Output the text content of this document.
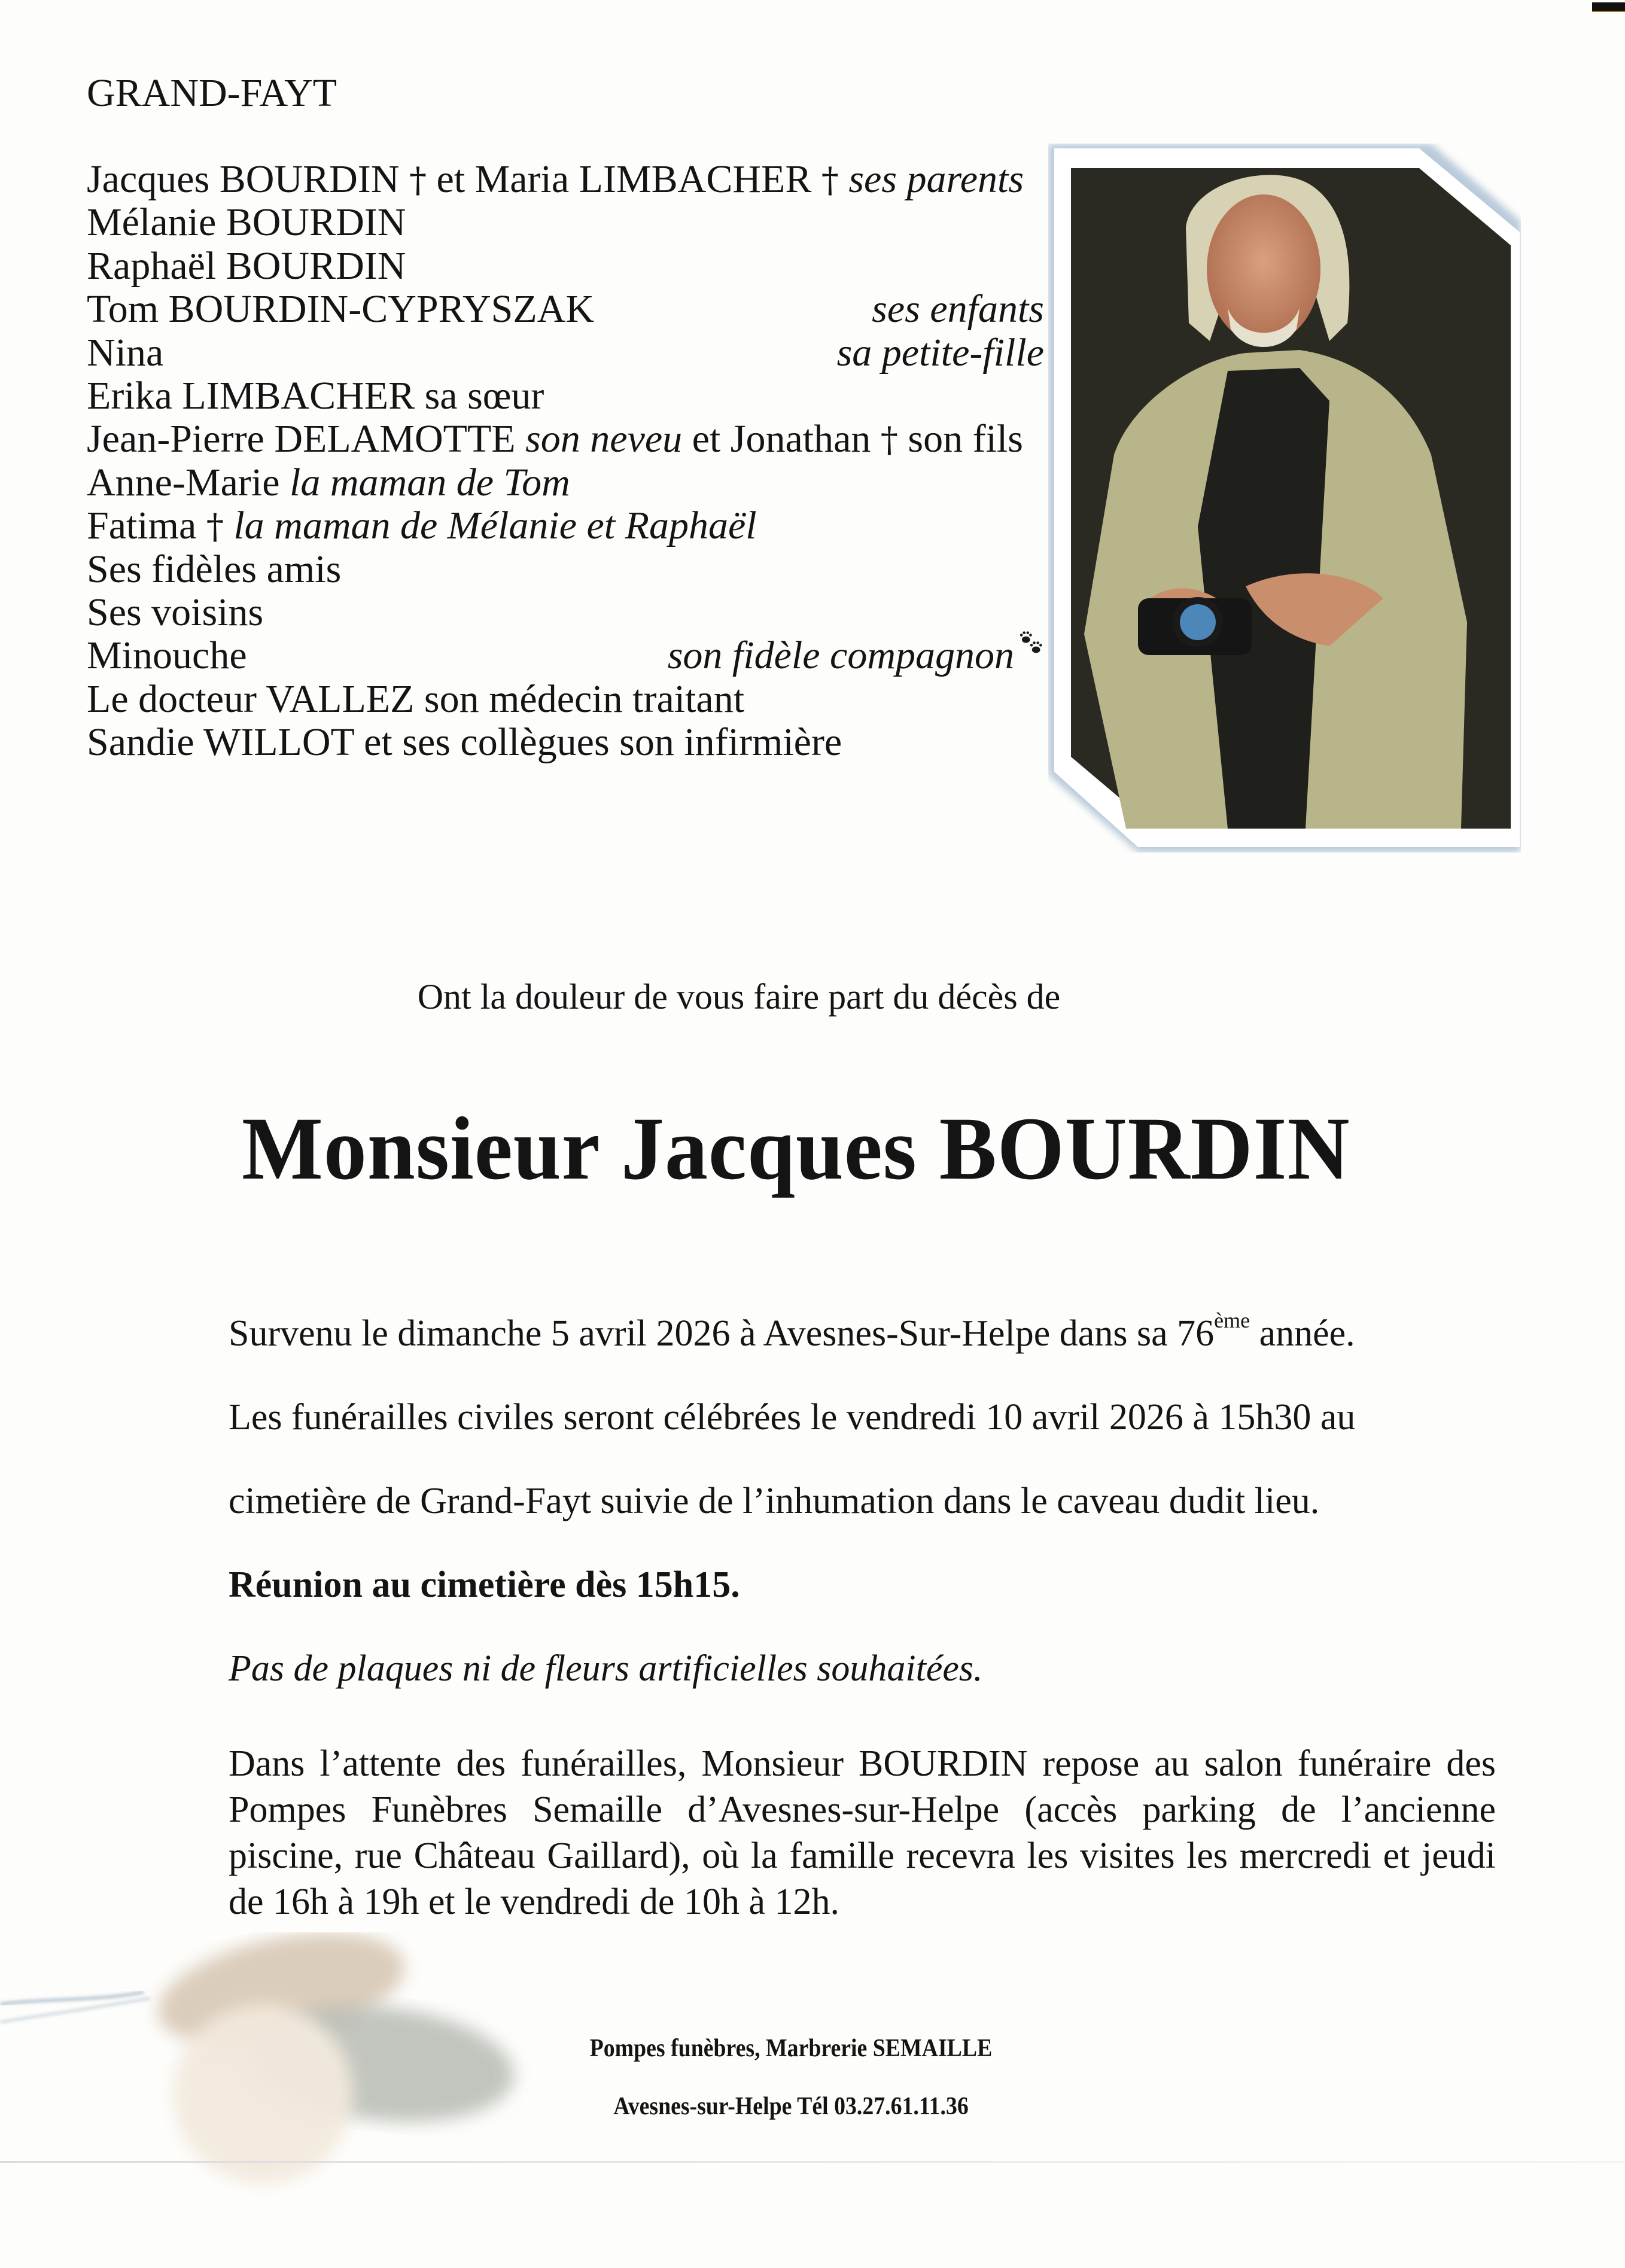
GRAND-FAYT
Jacques BOURDIN † et Maria LIMBACHER † ses parents
Mélanie BOURDIN
Raphaël BOURDIN
Tom BOURDIN-CYPRYSZAK	ses enfants
Nina	sa petite-fille
Erika LIMBACHER sa sœur
Jean-Pierre DELAMOTTE son neveu et Jonathan † son fils
Anne-Marie la maman de Tom
Fatima † la maman de Mélanie et Raphaël
Ses fidèles amis
Ses voisins
Minouche	son fidèle compagnon
Le docteur VALLEZ son médecin traitant
Sandie WILLOT et ses collègues son infirmière
Ont la douleur de vous faire part du décès de
Monsieur Jacques BOURDIN
Survenu le dimanche 5 avril 2026 à Avesnes-Sur-Helpe dans sa 76ème année.
Les funérailles civiles seront célébrées le vendredi 10 avril 2026 à 15h30 au
cimetière de Grand-Fayt suivie de l’inhumation dans le caveau dudit lieu.
Réunion au cimetière dès 15h15.
Pas de plaques ni de fleurs artificielles souhaitées.
Dans l’attente des funérailles, Monsieur BOURDIN repose au salon funéraire des Pompes Funèbres Semaille d’Avesnes-sur-Helpe (accès parking de l’ancienne piscine, rue Château Gaillard), où la famille recevra les visites les mercredi et jeudi de 16h à 19h et le vendredi de 10h à 12h.
Pompes funèbres, Marbrerie SEMAILLE
Avesnes-sur-Helpe Tél 03.27.61.11.36
